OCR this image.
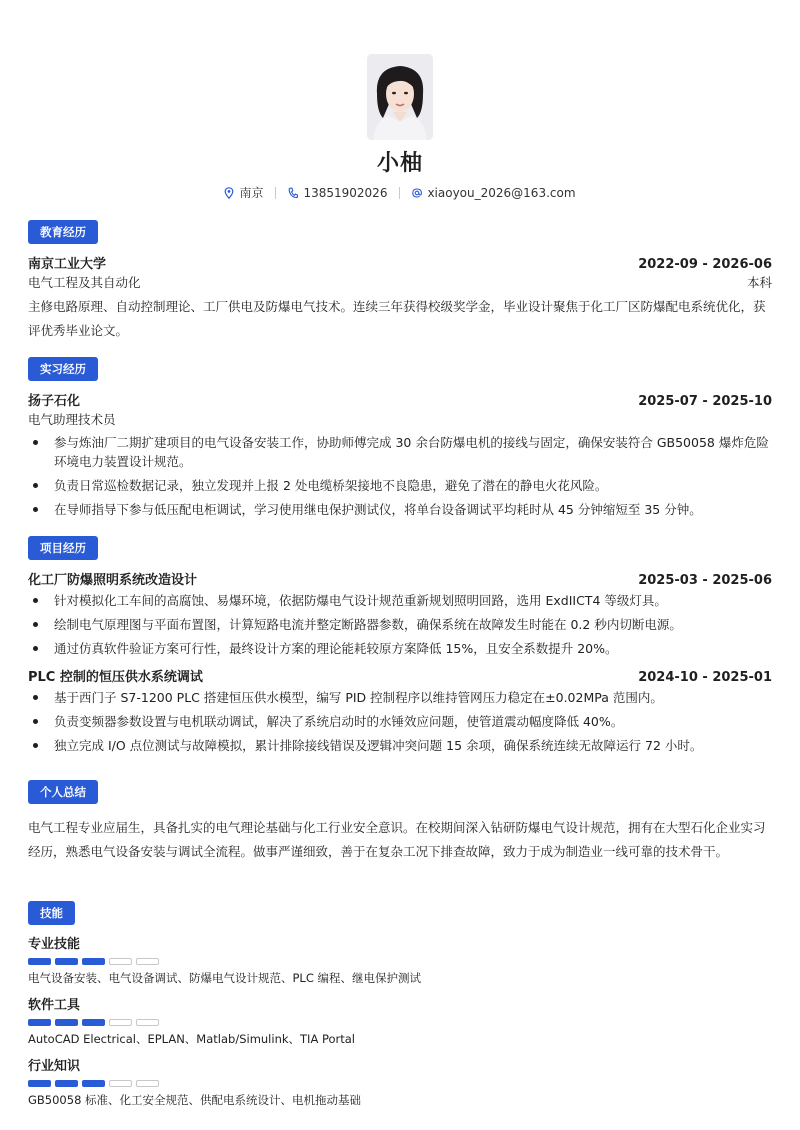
小柚
南京	13851902026	xiaoyou_2026@163.com
教育经历
南京工业大学	2022-09 - 2026-06
电气工程及其自动化	本科
主修电路原理、自动控制理论、工厂供电及防爆电气技术。连续三年获得校级奖学金，毕业设计聚焦于化工厂区防爆配电系统优化，获评优秀毕业论文。
实习经历
扬子石化	2025-07 - 2025-10
电气助理技术员
参与炼油厂二期扩建项目的电气设备安装工作，协助师傅完成 30 余台防爆电机的接线与固定，确保安装符合 GB50058 爆炸危险环境电力装置设计规范。
负责日常巡检数据记录，独立发现并上报 2 处电缆桥架接地不良隐患，避免了潜在的静电火花风险。
在导师指导下参与低压配电柜调试，学习使用继电保护测试仪，将单台设备调试平均耗时从 45 分钟缩短至 35 分钟。
项目经历
化工厂防爆照明系统改造设计	2025-03 - 2025-06
针对模拟化工车间的高腐蚀、易爆环境，依据防爆电气设计规范重新规划照明回路，选用 ExdIICT4 等级灯具。
绘制电气原理图与平面布置图，计算短路电流并整定断路器参数，确保系统在故障发生时能在 0.2 秒内切断电源。
通过仿真软件验证方案可行性，最终设计方案的理论能耗较原方案降低 15%，且安全系数提升 20%。
PLC 控制的恒压供水系统调试	2024-10 - 2025-01
基于西门子 S7-1200 PLC 搭建恒压供水模型，编写 PID 控制程序以维持管网压力稳定在±0.02MPa 范围内。
负责变频器参数设置与电机联动调试，解决了系统启动时的水锤效应问题，使管道震动幅度降低 40%。
独立完成 I/O 点位测试与故障模拟，累计排除接线错误及逻辑冲突问题 15 余项，确保系统连续无故障运行 72 小时。
个人总结
电气工程专业应届生，具备扎实的电气理论基础与化工行业安全意识。在校期间深入钻研防爆电气设计规范，拥有在大型石化企业实习经历，熟悉电气设备安装与调试全流程。做事严谨细致，善于在复杂工况下排查故障，致力于成为制造业一线可靠的技术骨干。
技能
专业技能
电气设备安装、电气设备调试、防爆电气设计规范、PLC 编程、继电保护测试
软件工具
AutoCAD Electrical、EPLAN、Matlab/Simulink、TIA Portal
行业知识
GB50058 标准、化工安全规范、供配电系统设计、电机拖动基础
